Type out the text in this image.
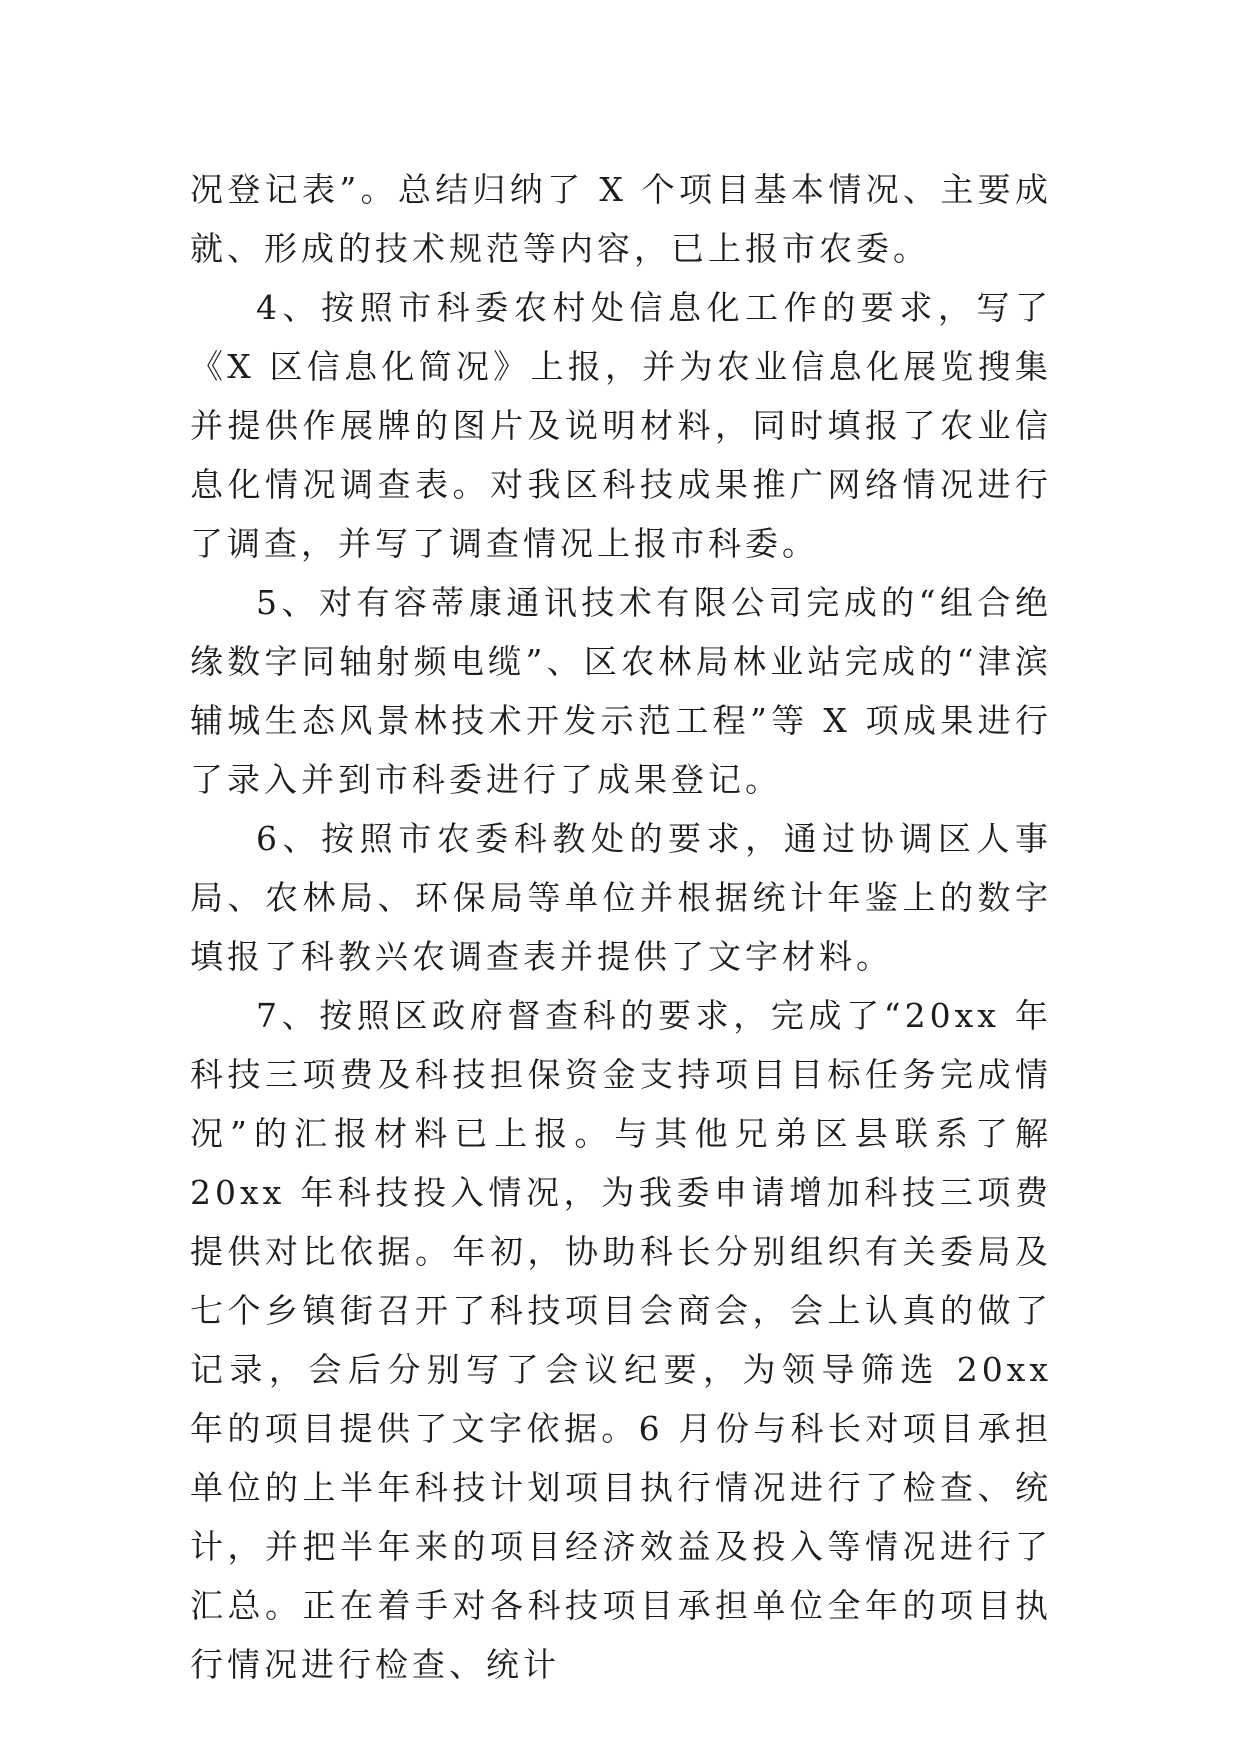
况登记表”。总结归纳了 X 个项目基本情况、主要成就、形成的技术规范等内容，已上报市农委。

4、按照市科委农村处信息化工作的要求，写了《X 区信息化简况》上报，并为农业信息化展览搜集并提供作展牌的图片及说明材料，同时填报了农业信息化情况调查表。对我区科技成果推广网络情况进行了调查，并写了调查情况上报市科委。

5、对有容蒂康通讯技术有限公司完成的“组合绝缘数字同轴射频电缆”、区农林局林业站完成的“津滨辅城生态风景林技术开发示范工程”等 X 项成果进行了录入并到市科委进行了成果登记。

6、按照市农委科教处的要求，通过协调区人事局、农林局、环保局等单位并根据统计年鉴上的数字填报了科教兴农调查表并提供了文字材料。

7、按照区政府督查科的要求，完成了“20xx 年科技三项费及科技担保资金支持项目目标任务完成情况”的汇报材料已上报。与其他兄弟区县联系了解 20xx 年科技投入情况，为我委申请增加科技三项费提供对比依据。年初，协助科长分别组织有关委局及七个乡镇街召开了科技项目会商会，会上认真的做了记录，会后分别写了会议纪要，为领导筛选 20xx 年的项目提供了文字依据。6 月份与科长对项目承担单位的上半年科技计划项目执行情况进行了检查、统计，并把半年来的项目经济效益及投入等情况进行了汇总。正在着手对各科技项目承担单位全年的项目执行情况进行检查、统计
